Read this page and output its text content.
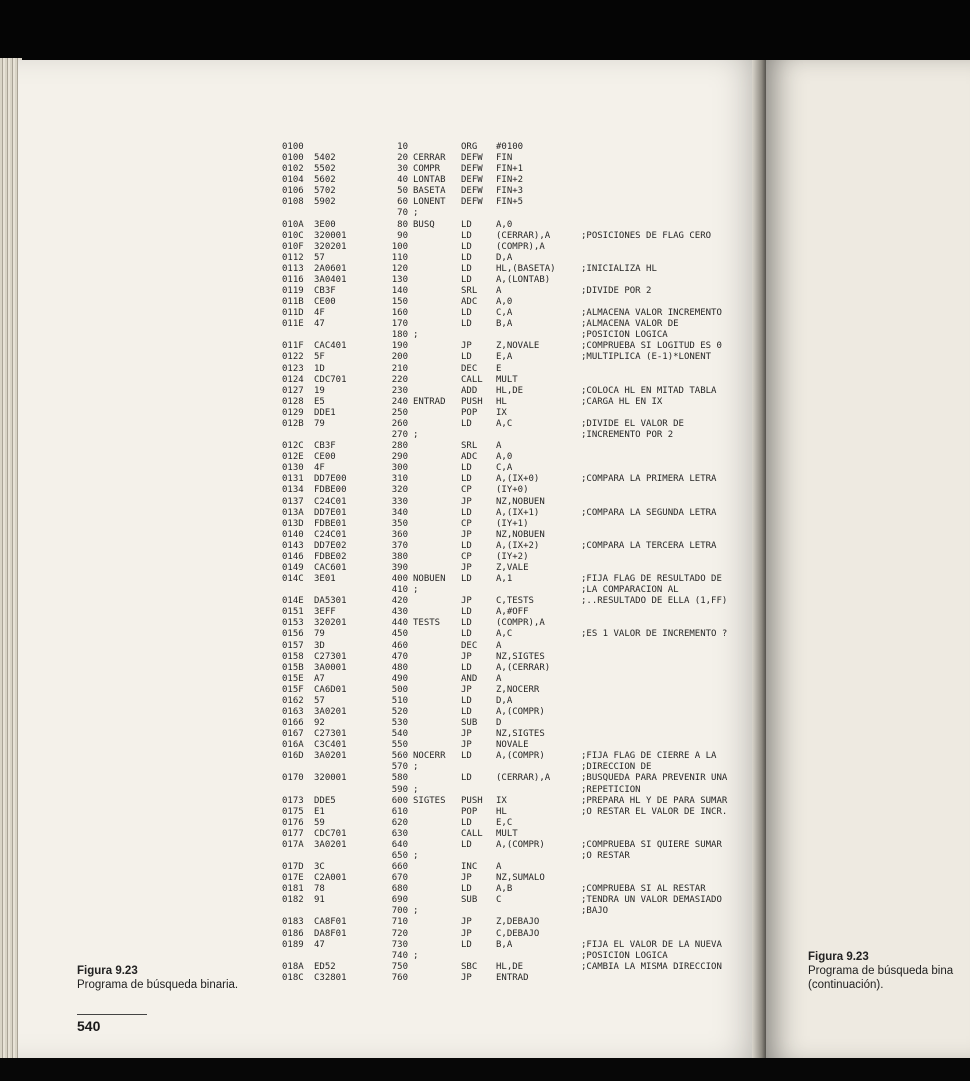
Figura 9.23
Programa de búsqueda binaria.
540
Figura 9.23
Programa de búsqueda bina
(continuación).
0100	10	ORG #0100
0100 5402	20 CERRAR DEFW FIN
0102 5502	30 COMPR DEFW FIN+1
0104 5602	40 LONTAB DEFW FIN+2
0106 5702	50 BASETA DEFW FIN+3
0108 5902	60 LONENT DEFW FIN+5
70 ;
010A 3E00	80 BUSQ	LD	A,0
010C 320001	90	LD	(CERRAR),A	;POSICIONES DE FLAG CERO
010F 320201	100	LD	(COMPR),A
0112 57	110	LD	D,A
0113 2A0601	120	LD	HL,(BASETA)	;INICIALIZA HL
0116 3A0401	130	LD	A,(LONTAB)
0119 CB3F	140	SRL A	;DIVIDE POR 2
011B CE00	150	ADC A,0
011D 4F	160	LD	C,A	;ALMACENA VALOR INCREMENTO
011E 47	170	LD	B,A	;ALMACENA VALOR DE
180 ;	;POSICION LOGICA
011F CAC401	190	JP	Z,NOVALE	;COMPRUEBA SI LOGITUD ES 0
0122 5F	200	LD	E,A	;MULTIPLICA (E-1)*LONENT
0123 1D	210	DEC E
0124 CDC701	220	CALL MULT
0127 19	230	ADD HL,DE	;COLOCA HL EN MITAD TABLA
0128 E5	240 ENTRAD PUSH HL	;CARGA HL EN IX
0129 DDE1	250	POP IX
012B 79	260	LD	A,C	;DIVIDE EL VALOR DE
270 ;	;INCREMENTO POR 2
012C CB3F	280	SRL A
012E CE00	290	ADC A,0
0130 4F	300	LD	C,A
0131 DD7E00	310	LD	A,(IX+0)	;COMPARA LA PRIMERA LETRA
0134 FDBE00	320	CP	(IY+0)
0137 C24C01	330	JP	NZ,NOBUEN
013A DD7E01	340	LD	A,(IX+1)	;COMPARA LA SEGUNDA LETRA
013D FDBE01	350	CP	(IY+1)
0140 C24C01	360	JP	NZ,NOBUEN
0143 DD7E02	370	LD	A,(IX+2)	;COMPARA LA TERCERA LETRA
0146 FDBE02	380	CP	(IY+2)
0149 CAC601	390	JP	Z,VALE
014C 3E01	400 NOBUEN LD	A,1	;FIJA FLAG DE RESULTADO DE
410 ;	;LA COMPARACION AL
014E DA5301	420	JP	C,TESTS	;..RESULTADO DE ELLA (1,FF)
0151 3EFF	430	LD	A,#OFF
0153 320201	440 TESTS LD	(COMPR),A
0156 79	450	LD	A,C	;ES 1 VALOR DE INCREMENTO ?
0157 3D	460	DEC A
0158 C27301	470	JP	NZ,SIGTES
015B 3A0001	480	LD	A,(CERRAR)
015E A7	490	AND A
015F CA6D01	500	JP	Z,NOCERR
0162 57	510	LD	D,A
0163 3A0201	520	LD	A,(COMPR)
0166 92	530	SUB D
0167 C27301	540	JP	NZ,SIGTES
016A C3C401	550	JP	NOVALE
016D 3A0201	560 NOCERR LD	A,(COMPR)	;FIJA FLAG DE CIERRE A LA
570 ;	;DIRECCION DE
0170 320001	580	LD	(CERRAR),A	;BUSQUEDA PARA PREVENIR UNA
590 ;	;REPETICION
0173 DDE5	600 SIGTES PUSH IX	;PREPARA HL Y DE PARA SUMAR
0175 E1	610	POP HL	;O RESTAR EL VALOR DE INCR.
0176 59	620	LD	E,C
0177 CDC701	630	CALL MULT
017A 3A0201	640	LD	A,(COMPR)	;COMPRUEBA SI QUIERE SUMAR
650 ;	;O RESTAR
017D 3C	660	INC A
017E C2A001	670	JP	NZ,SUMALO
0181 78	680	LD	A,B	;COMPRUEBA SI AL RESTAR
0182 91	690	SUB C	;TENDRA UN VALOR DEMASIADO
700 ;	;BAJO
0183 CA8F01	710	JP	Z,DEBAJO
0186 DA8F01	720	JP	C,DEBAJO
0189 47	730	LD	B,A	;FIJA EL VALOR DE LA NUEVA
740 ;	;POSICION LOGICA
018A ED52	750	SBC HL,DE	;CAMBIA LA MISMA DIRECCION
018C C32801	760	JP	ENTRAD
